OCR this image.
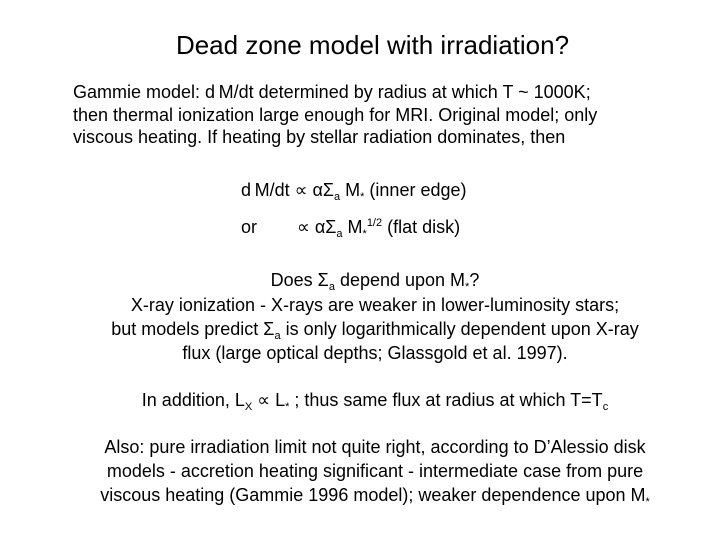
Dead zone model with irradiation?
Gammie model: d M/dt determined by radius at which T ~ 1000K;
then thermal ionization large enough for MRI. Original model; only
viscous heating. If heating by stellar radiation dominates, then
d $M/dt \propto \alpha\Sigma_a$ $M_*$ (inner edge)
or ∝ $\alpha\Sigma_a$ $M_*^{1/2}$ (flat disk)
Does $\Sigma_a$ depend upon $M_*$?
X-ray ionization - X-rays are weaker in lower-luminosity stars;
but models predict $\Sigma_a$ is only logarithmically dependent upon X-ray
flux (large optical depths; Glassgold et al. 1997).
In addition, $L_X \propto L_*$ ; thus same flux at radius at which $T=T_c$
Also: pure irradiation limit not quite right, according to D’Alessio disk
models - accretion heating significant - intermediate case from pure
viscous heating (Gammie 1996 model); weaker dependence upon $M_*$
